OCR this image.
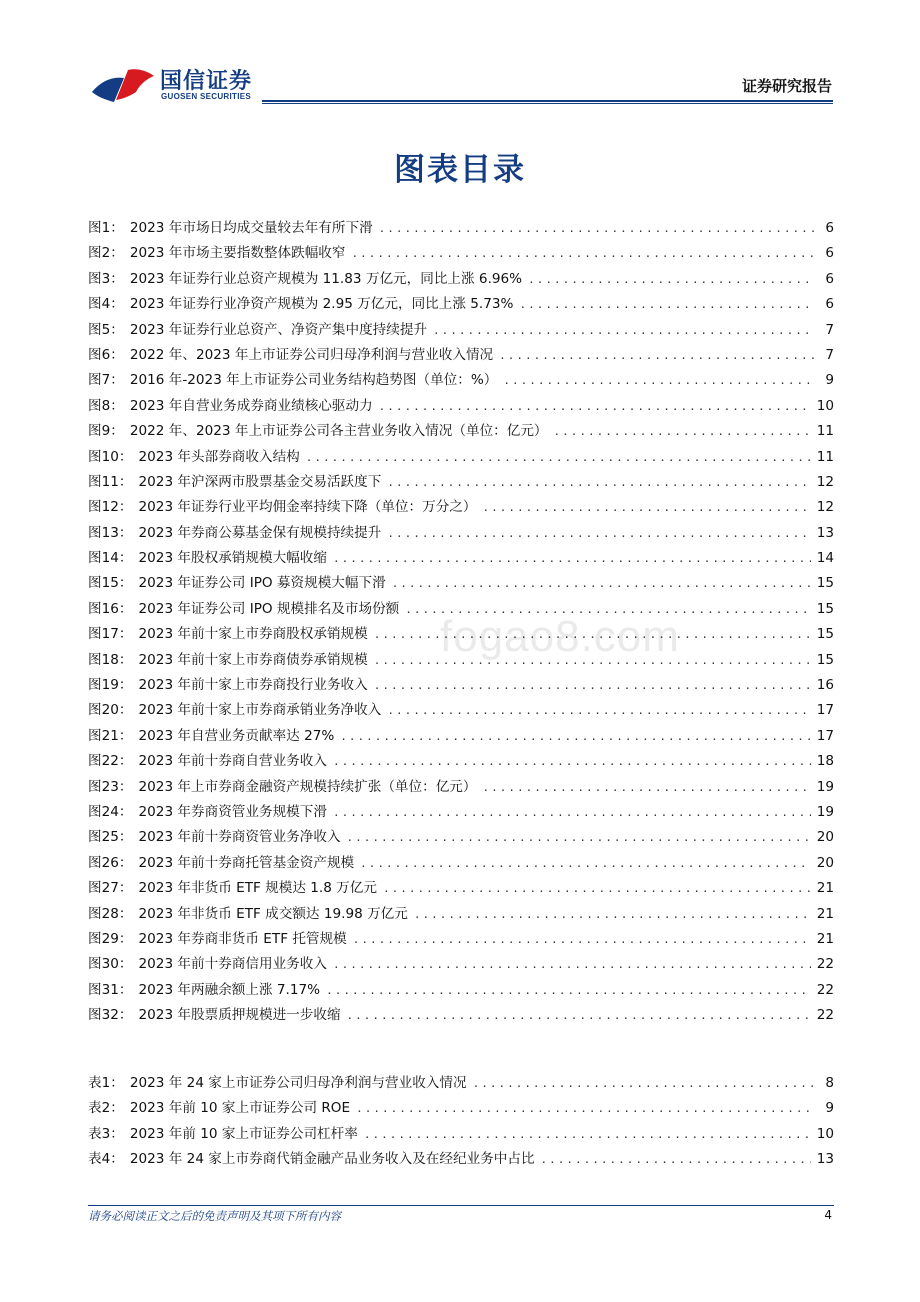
国信证券
GUOSEN SECURITIES
证券研究报告
图表目录
fogao8.com
图1： 2023 年市场日均成交量较去年有所下滑 .....	6
图2： 2023 年市场主要指数整体跌幅收窄 .....	6
图3： 2023 年证券行业总资产规模为 11.83 万亿元，同比上涨 6.96% .....	6
图4： 2023 年证券行业净资产规模为 2.95 万亿元，同比上涨 5.73% .....	6
图5： 2023 年证券行业总资产、净资产集中度持续提升 .....	7
图6： 2022 年、2023 年上市证券公司归母净利润与营业收入情况 .....	7
图7： 2016 年-2023 年上市证券公司业务结构趋势图（单位：%） .....	9
图8： 2023 年自营业务成券商业绩核心驱动力 .....	10
图9： 2022 年、2023 年上市证券公司各主营业务收入情况（单位：亿元） .....	11
图10： 2023 年头部券商收入结构 .....	11
图11： 2023 年沪深两市股票基金交易活跃度下 .....	12
图12： 2023 年证券行业平均佣金率持续下降（单位：万分之） .....	12
图13： 2023 年券商公募基金保有规模持续提升 .....	13
图14： 2023 年股权承销规模大幅收缩 .....	14
图15： 2023 年证券公司 IPO 募资规模大幅下滑 .....	15
图16： 2023 年证券公司 IPO 规模排名及市场份额 .....	15
图17： 2023 年前十家上市券商股权承销规模 .....	15
图18： 2023 年前十家上市券商债券承销规模 .....	15
图19： 2023 年前十家上市券商投行业务收入 .....	16
图20： 2023 年前十家上市券商承销业务净收入 .....	17
图21： 2023 年自营业务贡献率达 27% .....	17
图22： 2023 年前十券商自营业务收入 .....	18
图23： 2023 年上市券商金融资产规模持续扩张（单位：亿元） .....	19
图24： 2023 年券商资管业务规模下滑 .....	19
图25： 2023 年前十券商资管业务净收入 .....	20
图26： 2023 年前十券商托管基金资产规模 .....	20
图27： 2023 年非货币 ETF 规模达 1.8 万亿元 .....	21
图28： 2023 年非货币 ETF 成交额达 19.98 万亿元 .....	21
图29： 2023 年券商非货币 ETF 托管规模 .....	21
图30： 2023 年前十券商信用业务收入 .....	22
图31： 2023 年两融余额上涨 7.17% .....	22
图32： 2023 年股票质押规模进一步收缩 .....	22
表1： 2023 年 24 家上市证券公司归母净利润与营业收入情况 .....	8
表2： 2023 年前 10 家上市证券公司 ROE .....	9
表3： 2023 年前 10 家上市证券公司杠杆率 .....	10
表4： 2023 年 24 家上市券商代销金融产品业务收入及在经纪业务中占比 .....	13
请务必阅读正文之后的免责声明及其项下所有内容	4
